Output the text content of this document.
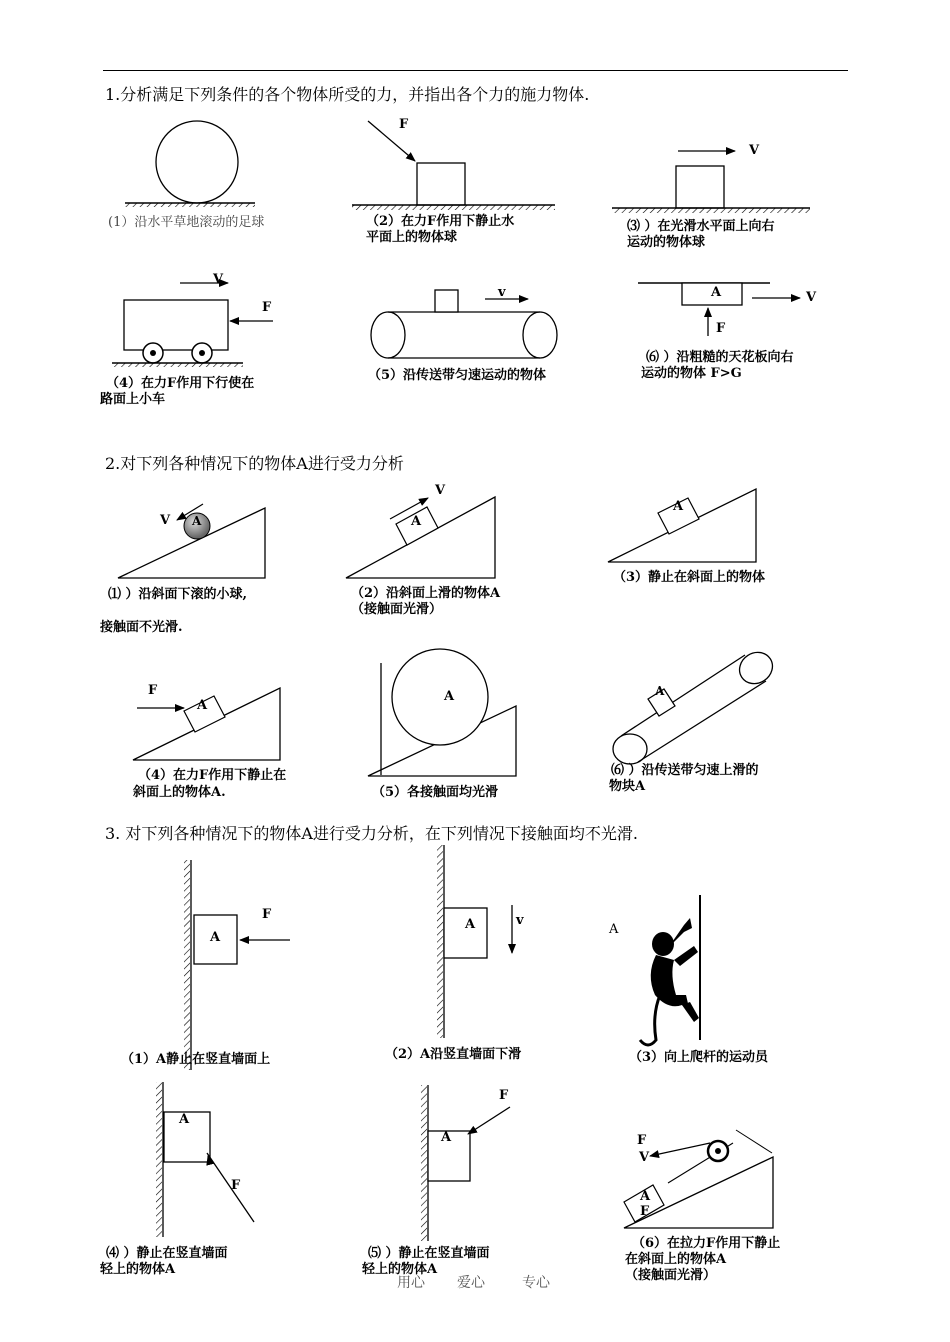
1.分析满足下列条件的各个物体所受的力，并指出各个力的施力物体.
F
V
V
F
v	A	V
F
(1）沿水平草地滚动的足球	（2）在力F作用下静止水
平面上的物体球
⑶ ）在光滑水平面上向右
运动的物体球
（4）在力F作用下行使在
路面上小车
（5）沿传送带匀速运动的物体
⑹ ）沿粗糙的天花板向右
运动的物体 F>G
2.对下列各种情况下的物体A进行受力分析
V A
V
A
A
F
A
A	A
⑴ ）沿斜面下滚的小球,
接触面不光滑.
（2）沿斜面上滑的物体A
（接触面光滑）
（3）静止在斜面上的物体
（4）在力F作用下静止在
斜面上的物体A.	（5）各接触面均光滑
⑹ ）沿传送带匀速上滑的
物块A
3. 对下列各种情况下的物体A进行受力分析，在下列情况下接触面均不光滑.
A
F
A	v
A
A
F
A
F
F
V
A
F
（1）A静止在竖直墙面上	（2）A沿竖直墙面下滑	（3）向上爬杆的运动员
⑷ ）静止在竖直墙面
轻上的物体A
⑸ ）静止在竖直墙面
轻上的物体A
（6）在拉力F作用下静止
在斜面上的物体A
（接触面光滑）
用心 爱心	专心
